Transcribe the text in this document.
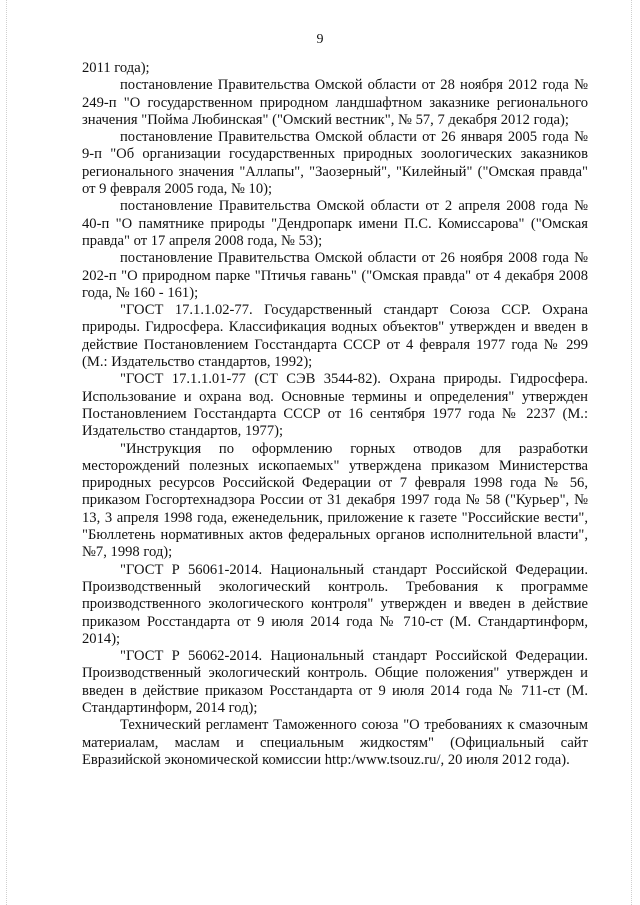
9

2011 года);

постановление Правительства Омской области от 28 ноября 2012 года № 249-п "О государственном природном ландшафтном заказнике регионального значения "Пойма Любинская" ("Омский вестник", № 57, 7 декабря 2012 года);

постановление Правительства Омской области от 26 января 2005 года № 9-п "Об организации государственных природных зоологических заказников регионального значения "Аллапы", "Заозерный", "Килейный" ("Омская правда" от 9 февраля 2005 года, № 10);

постановление Правительства Омской области от 2 апреля 2008 года № 40-п "О памятнике природы "Дендропарк имени П.С. Комиссарова" ("Омская правда" от 17 апреля 2008 года, № 53);

постановление Правительства Омской области от 26 ноября 2008 года № 202-п "О природном парке "Птичья гавань" ("Омская правда" от 4 декабря 2008 года, № 160 - 161);

"ГОСТ 17.1.1.02-77. Государственный стандарт Союза ССР. Охрана природы. Гидросфера. Классификация водных объектов" утвержден и введен в действие Постановлением Госстандарта СССР от 4 февраля 1977 года № 299 (М.: Издательство стандартов, 1992);

"ГОСТ 17.1.1.01-77 (СТ СЭВ 3544-82). Охрана природы. Гидросфера. Использование и охрана вод. Основные термины и определения" утвержден Постановлением Госстандарта СССР от 16 сентября 1977 года № 2237 (М.: Издательство стандартов, 1977);

"Инструкция по оформлению горных отводов для разработки месторождений полезных ископаемых" утверждена приказом Министерства природных ресурсов Российской Федерации от 7 февраля 1998 года № 56, приказом Госгортехнадзора России от 31 декабря 1997 года № 58 ("Курьер", № 13, 3 апреля 1998 года, еженедельник, приложение к газете "Российские вести", "Бюллетень нормативных актов федеральных органов исполнительной власти", №7, 1998 год);

"ГОСТ Р 56061-2014. Национальный стандарт Российской Федерации. Производственный экологический контроль. Требования к программе производственного экологического контроля" утвержден и введен в действие приказом Росстандарта от 9 июля 2014 года № 710-ст (М. Стандартинформ, 2014);

"ГОСТ Р 56062-2014. Национальный стандарт Российской Федерации. Производственный экологический контроль. Общие положения" утвержден и введен в действие приказом Росстандарта от 9 июля 2014 года № 711-ст (М. Стандартинформ, 2014 год);

Технический регламент Таможенного союза "О требованиях к смазочным материалам, маслам и специальным жидкостям" (Официальный сайт Евразийской экономической комиссии http:/www.tsouz.ru/, 20 июля 2012 года).
